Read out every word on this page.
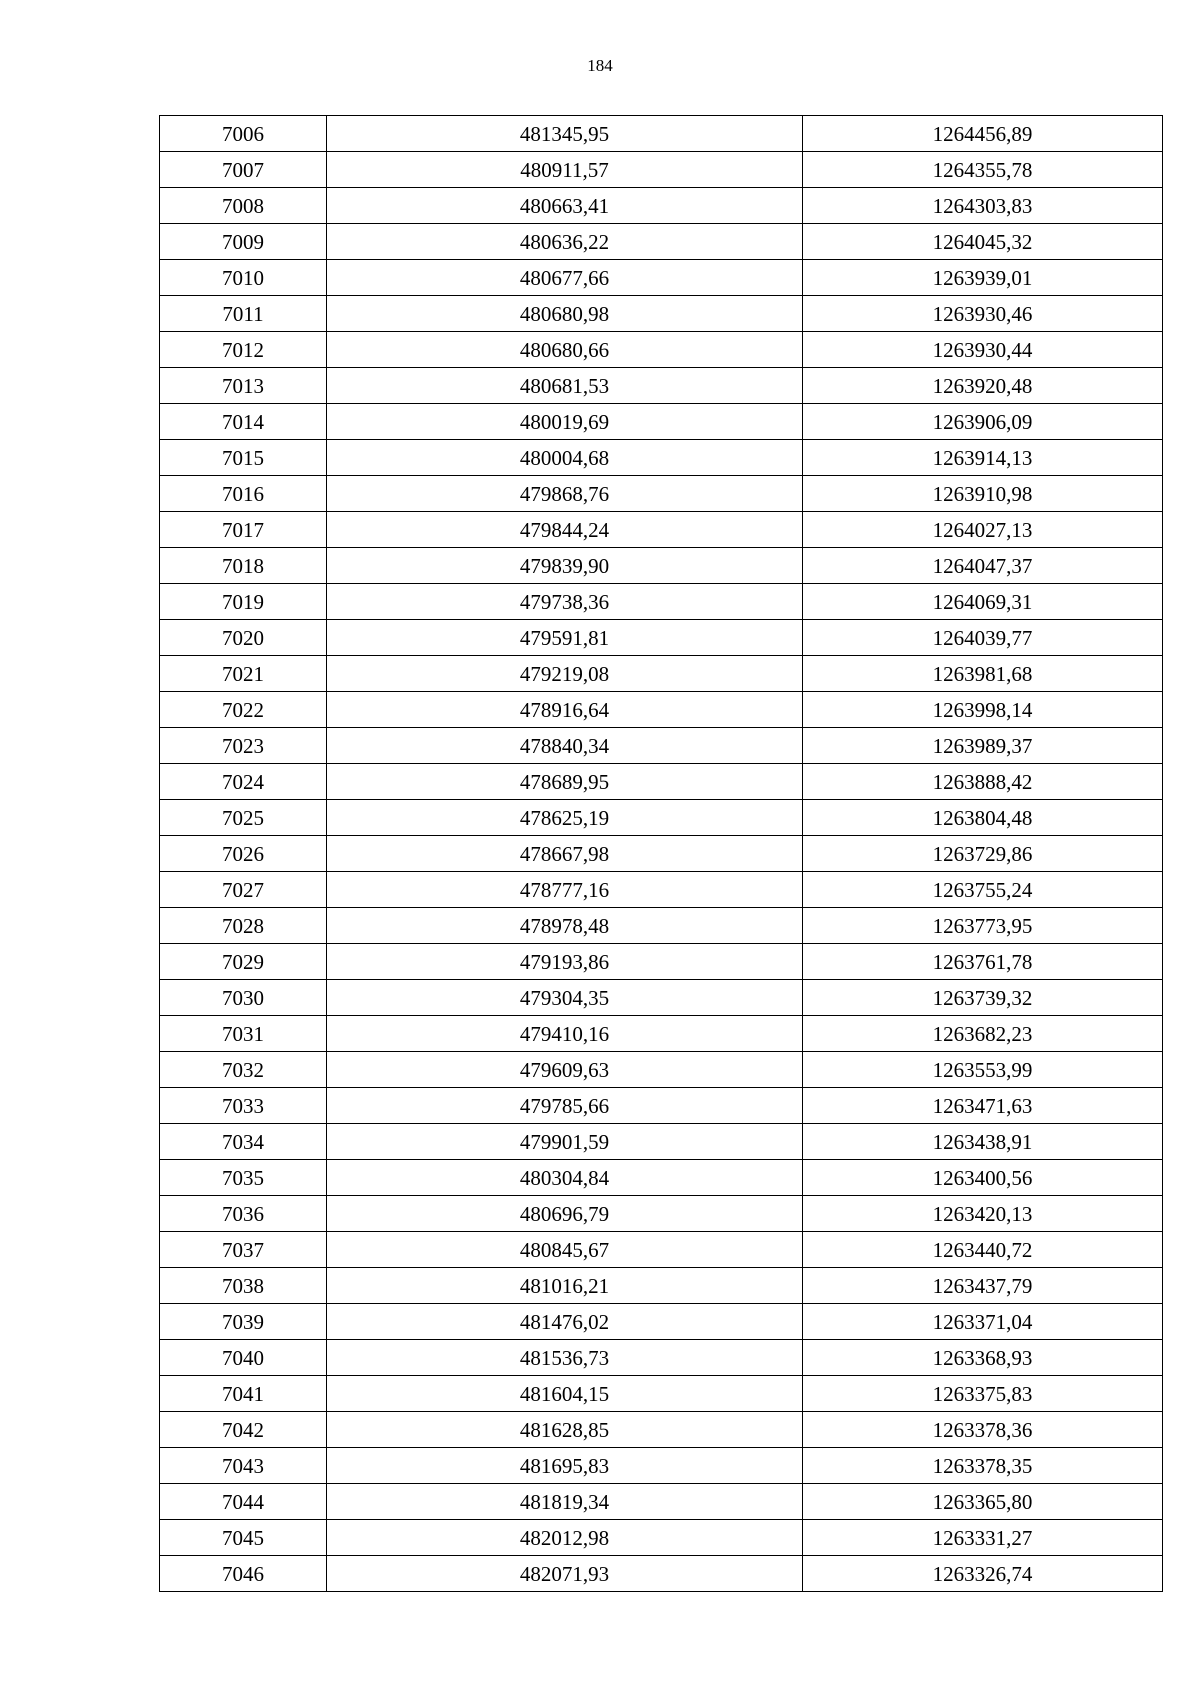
184
7006	481345,95	1264456,89
7007	480911,57	1264355,78
7008	480663,41	1264303,83
7009	480636,22	1264045,32
7010	480677,66	1263939,01
7011	480680,98	1263930,46
7012	480680,66	1263930,44
7013	480681,53	1263920,48
7014	480019,69	1263906,09
7015	480004,68	1263914,13
7016	479868,76	1263910,98
7017	479844,24	1264027,13
7018	479839,90	1264047,37
7019	479738,36	1264069,31
7020	479591,81	1264039,77
7021	479219,08	1263981,68
7022	478916,64	1263998,14
7023	478840,34	1263989,37
7024	478689,95	1263888,42
7025	478625,19	1263804,48
7026	478667,98	1263729,86
7027	478777,16	1263755,24
7028	478978,48	1263773,95
7029	479193,86	1263761,78
7030	479304,35	1263739,32
7031	479410,16	1263682,23
7032	479609,63	1263553,99
7033	479785,66	1263471,63
7034	479901,59	1263438,91
7035	480304,84	1263400,56
7036	480696,79	1263420,13
7037	480845,67	1263440,72
7038	481016,21	1263437,79
7039	481476,02	1263371,04
7040	481536,73	1263368,93
7041	481604,15	1263375,83
7042	481628,85	1263378,36
7043	481695,83	1263378,35
7044	481819,34	1263365,80
7045	482012,98	1263331,27
7046	482071,93	1263326,74
